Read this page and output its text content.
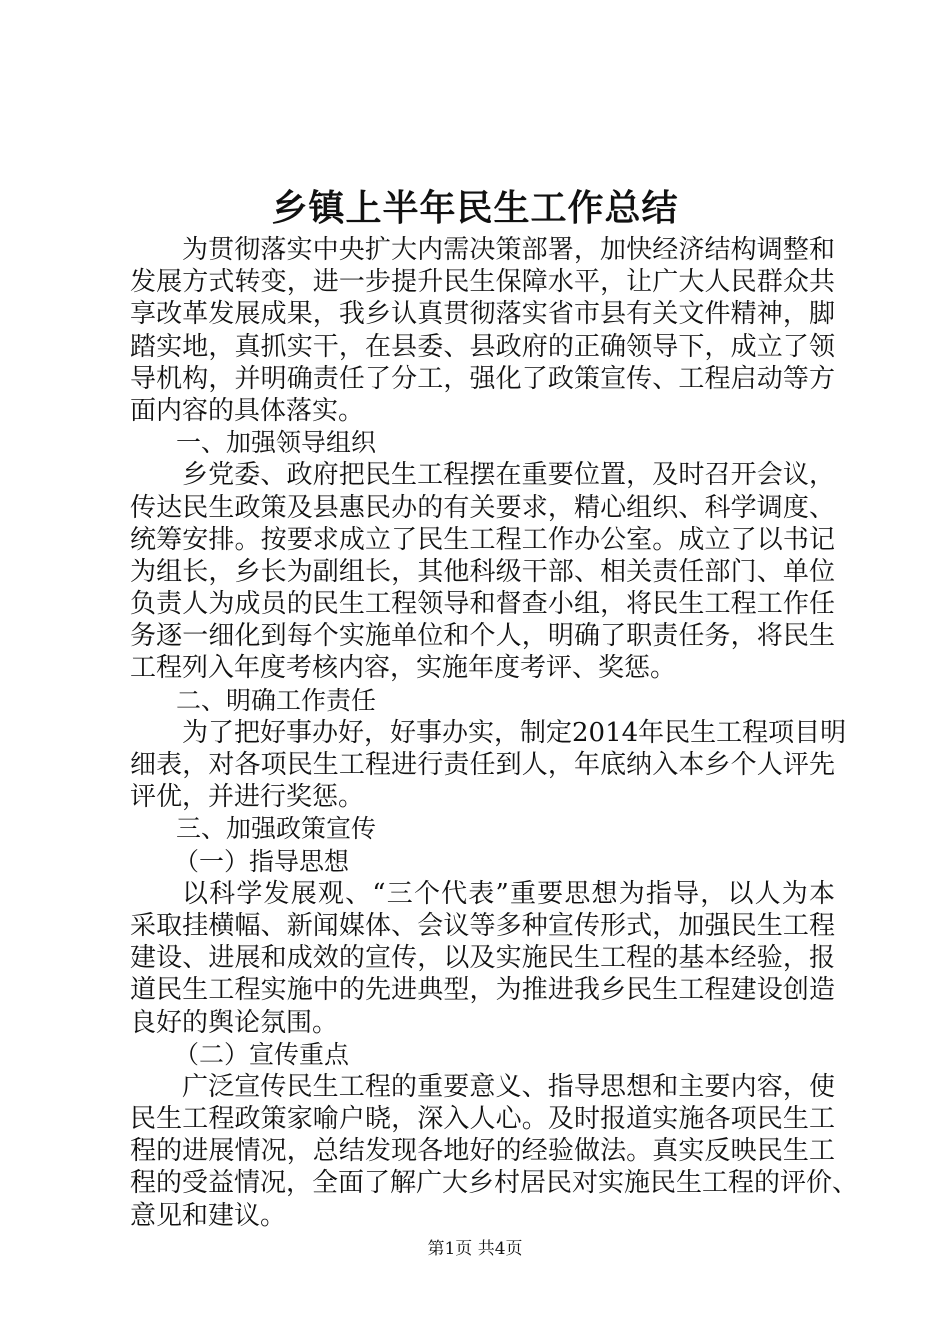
乡镇上半年民生工作总结
为贯彻落实中央扩大内需决策部署，加快经济结构调整和
发展方式转变，进一步提升民生保障水平，让广大人民群众共
享改革发展成果，我乡认真贯彻落实省市县有关文件精神，脚
踏实地，真抓实干，在县委、县政府的正确领导下，成立了领
导机构，并明确责任了分工，强化了政策宣传、工程启动等方
面内容的具体落实。
一、加强领导组织
乡党委、政府把民生工程摆在重要位置，及时召开会议，
传达民生政策及县惠民办的有关要求，精心组织、科学调度、
统筹安排。按要求成立了民生工程工作办公室。成立了以书记
为组长，乡长为副组长，其他科级干部、相关责任部门、单位
负责人为成员的民生工程领导和督查小组，将民生工程工作任
务逐一细化到每个实施单位和个人，明确了职责任务，将民生
工程列入年度考核内容，实施年度考评、奖惩。
二、明确工作责任
为了把好事办好，好事办实，制定2014年民生工程项目明
细表，对各项民生工程进行责任到人，年底纳入本乡个人评先
评优，并进行奖惩。
三、加强政策宣传
（一）指导思想
以科学发展观、“三个代表”重要思想为指导，以人为本
采取挂横幅、新闻媒体、会议等多种宣传形式，加强民生工程
建设、进展和成效的宣传，以及实施民生工程的基本经验，报
道民生工程实施中的先进典型，为推进我乡民生工程建设创造
良好的舆论氛围。
（二）宣传重点
广泛宣传民生工程的重要意义、指导思想和主要内容，使
民生工程政策家喻户晓，深入人心。及时报道实施各项民生工
程的进展情况，总结发现各地好的经验做法。真实反映民生工
程的受益情况，全面了解广大乡村居民对实施民生工程的评价、
意见和建议。
第1页 共4页
